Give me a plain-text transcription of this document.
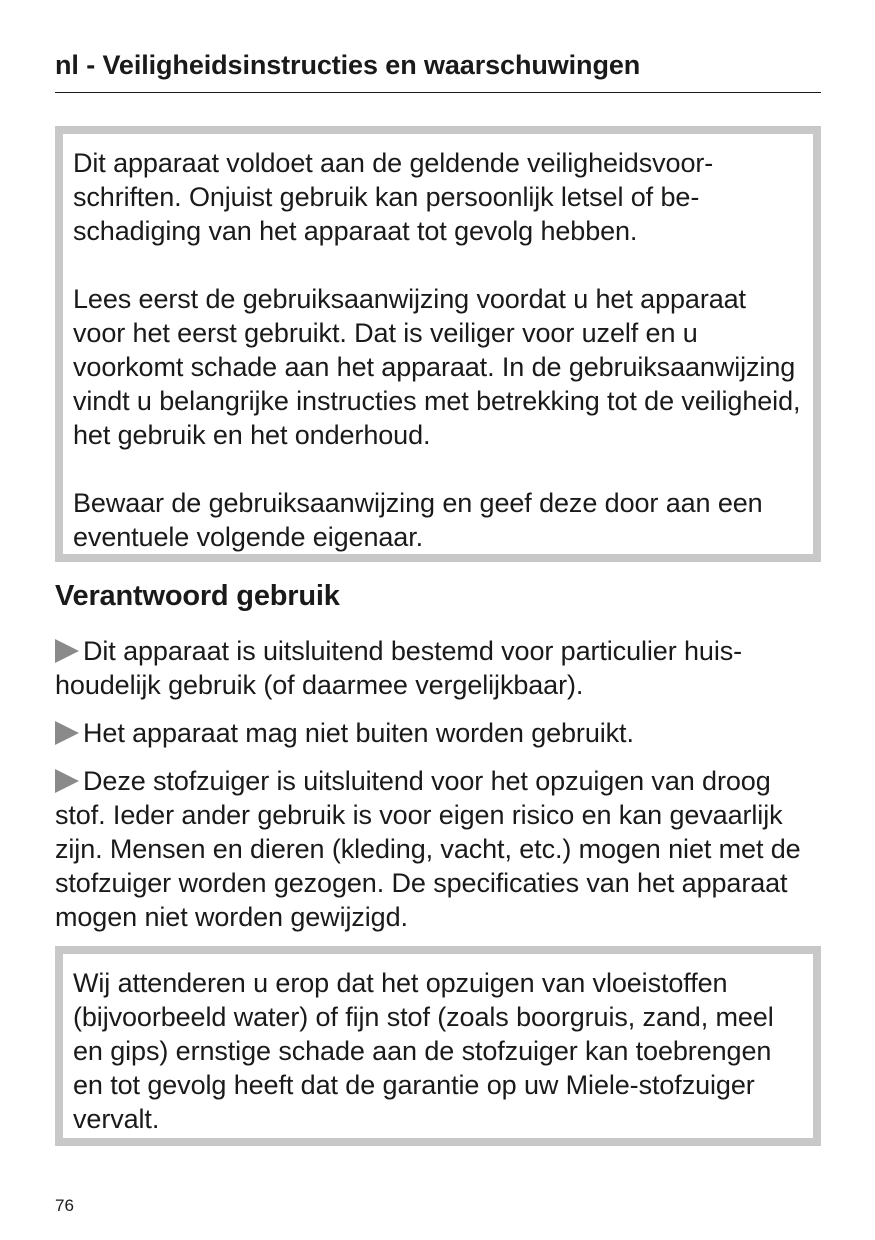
nl - Veiligheidsinstructies en waarschuwingen

Dit apparaat voldoet aan de geldende veiligheidsvoorschriften. Onjuist gebruik kan persoonlijk letsel of beschadiging van het apparaat tot gevolg hebben.

Lees eerst de gebruiksaanwijzing voordat u het apparaat voor het eerst gebruikt. Dat is veiliger voor uzelf en u voorkomt schade aan het apparaat. In de gebruiksaanwijzing vindt u belangrijke instructies met betrekking tot de veiligheid, het gebruik en het onderhoud.

Bewaar de gebruiksaanwijzing en geef deze door aan een eventuele volgende eigenaar.

Verantwoord gebruik

Dit apparaat is uitsluitend bestemd voor particulier huishoudelijk gebruik (of daarmee vergelijkbaar).

Het apparaat mag niet buiten worden gebruikt.

Deze stofzuiger is uitsluitend voor het opzuigen van droog stof. Ieder ander gebruik is voor eigen risico en kan gevaarlijk zijn. Mensen en dieren (kleding, vacht, etc.) mogen niet met de stofzuiger worden gezogen. De specificaties van het apparaat mogen niet worden gewijzigd.

Wij attenderen u erop dat het opzuigen van vloeistoffen (bijvoorbeeld water) of fijn stof (zoals boorgruis, zand, meel en gips) ernstige schade aan de stofzuiger kan toebrengen en tot gevolg heeft dat de garantie op uw Miele-stofzuiger vervalt.

76
